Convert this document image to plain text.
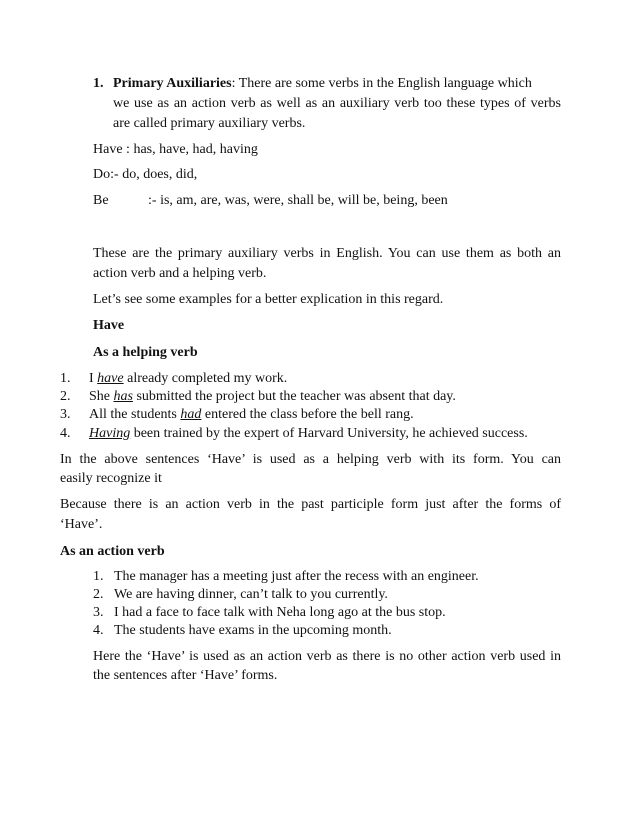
1. Primary Auxiliaries: There are some verbs in the English language which
we use as an action verb as well as an auxiliary verb too these types of verbs
are called primary auxiliary verbs.
Have : has, have, had, having
Do:- do, does, did,
Be	:- is, am, are, was, were, shall be, will be, being, been
These are the primary auxiliary verbs in English. You can use them as both an
action verb and a helping verb.
Let’s see some examples for a better explication in this regard.
Have
As a helping verb
1. I have already completed my work.
2. She has submitted the project but the teacher was absent that day.
3. All the students had entered the class before the bell rang.
4. Having been trained by the expert of Harvard University, he achieved success.
In the above sentences ‘Have’ is used as a helping verb with its form. You can
easily recognize it
Because there is an action verb in the past participle form just after the forms of
‘Have’.
As an action verb
1. The manager has a meeting just after the recess with an engineer.
2. We are having dinner, can’t talk to you currently.
3. I had a face to face talk with Neha long ago at the bus stop.
4. The students have exams in the upcoming month.
Here the ‘Have’ is used as an action verb as there is no other action verb used in
the sentences after ‘Have’ forms.
